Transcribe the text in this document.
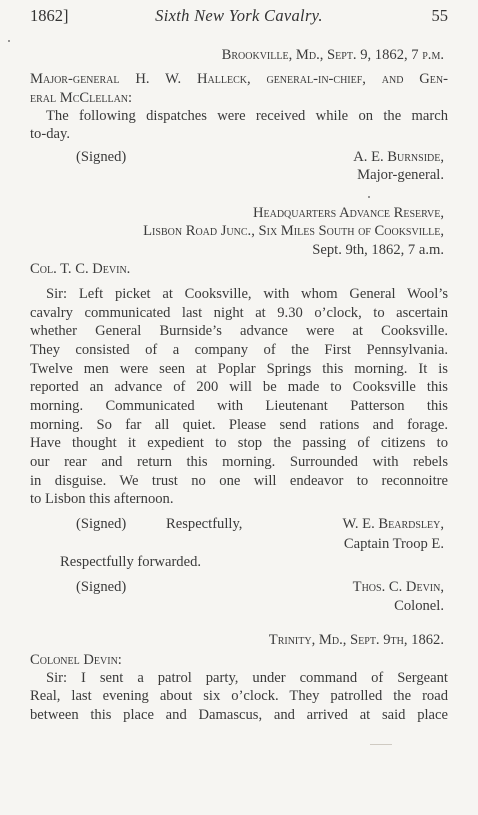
1862]	Sixth New York Cavalry.	55
Brookville, Md., Sept. 9, 1862, 7 p.m.
Major-general H. W. Halleck, general-in-chief, and Gen-
eral McClellan:
The following dispatches were received while on the march
to-day.
(Signed)	A. E. Burnside,
Major-general.
Headquarters Advance Reserve,
Lisbon Road Junc., Six Miles South of Cooksville,
Sept. 9th, 1862, 7 a.m.
Col. T. C. Devin.
Sir: Left picket at Cooksville, with whom General Wool’s
cavalry communicated last night at 9.30 o’clock, to ascertain
whether General Burnside’s advance were at Cooksville.
They consisted of a company of the First Pennsylvania.
Twelve men were seen at Poplar Springs this morning. It is
reported an advance of 200 will be made to Cooksville this
morning. Communicated with Lieutenant Patterson this
morning. So far all quiet. Please send rations and forage.
Have thought it expedient to stop the passing of citizens to
our rear and return this morning. Surrounded with rebels
in disguise. We trust no one will endeavor to reconnoitre
to Lisbon this afternoon.
(Signed)	Respectfully,	W. E. Beardsley,
Captain Troop E.
Respectfully forwarded.
(Signed)	Thos. C. Devin,
Colonel.
Trinity, Md., Sept. 9th, 1862.
Colonel Devin:
Sir: I sent a patrol party, under command of Sergeant
Real, last evening about six o’clock. They patrolled the road
between this place and Damascus, and arrived at said place
